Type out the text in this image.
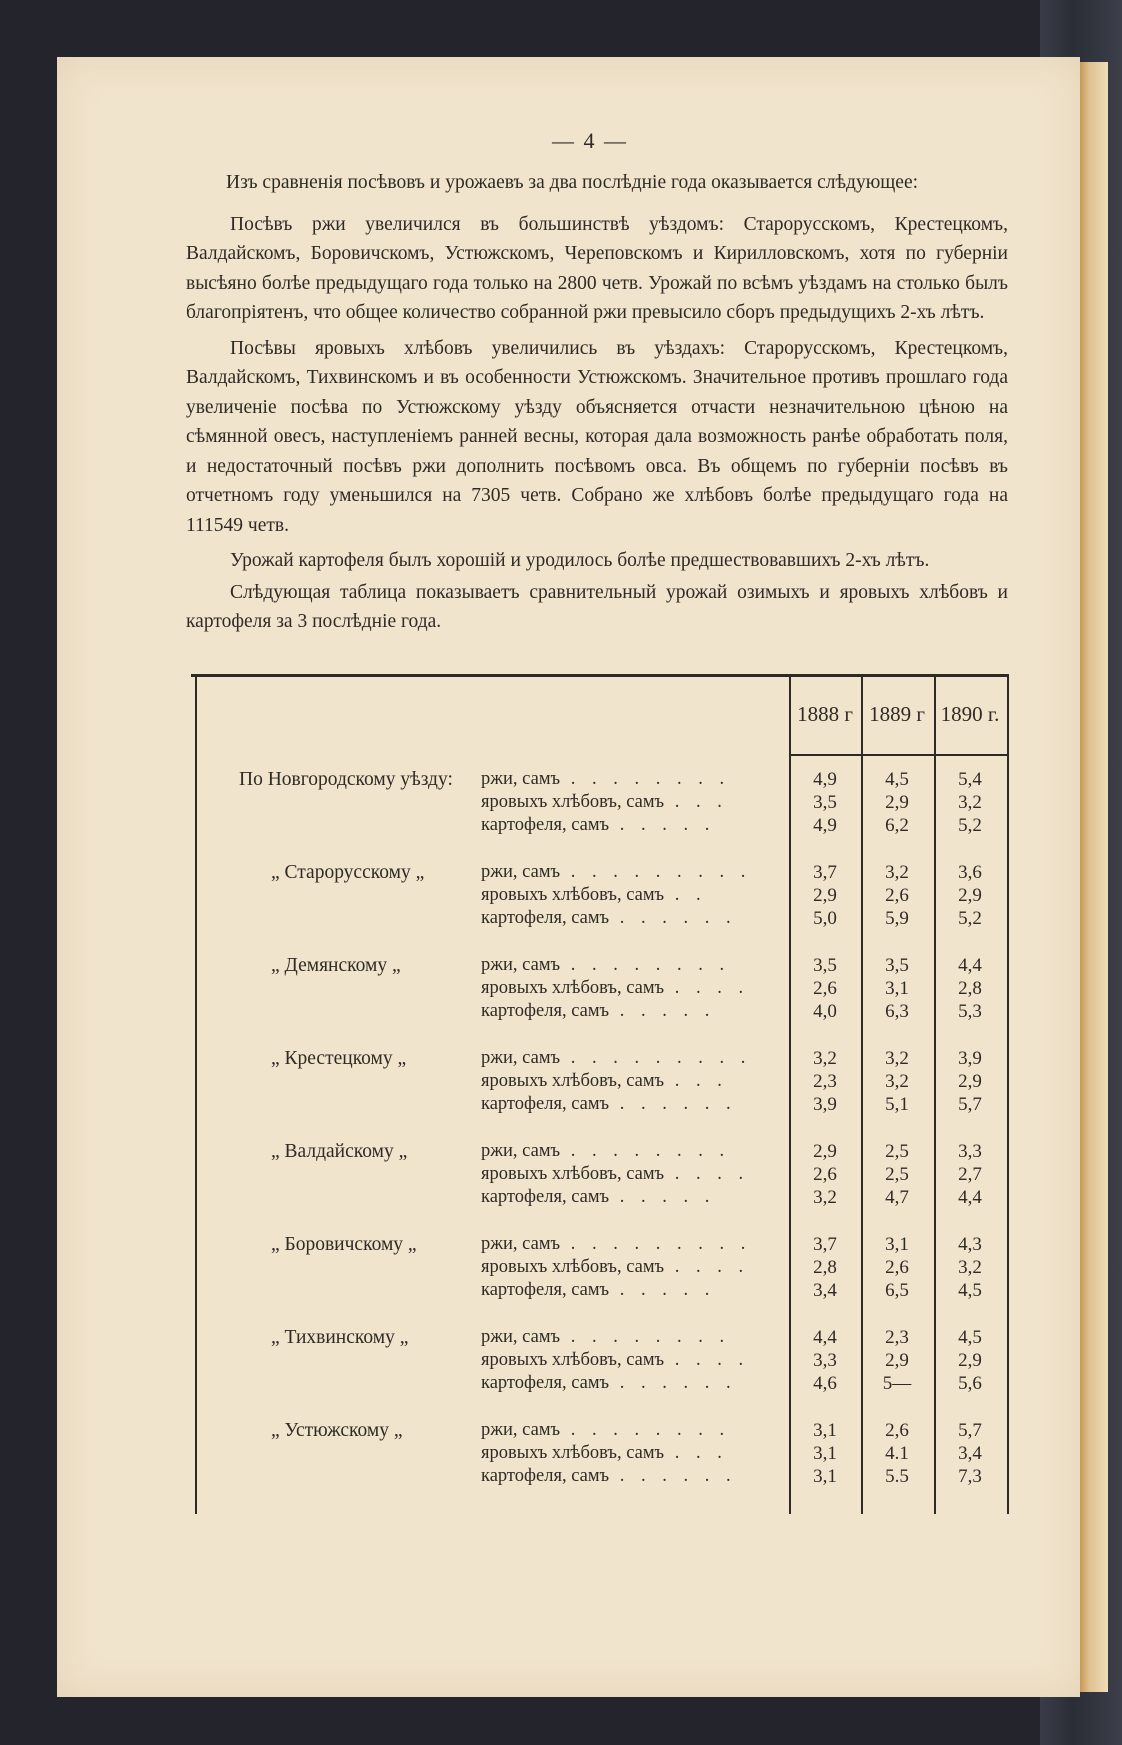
— 4 —

Изъ сравненія посѣвовъ и урожаевъ за два послѣдніе года оказывается слѣдующее:

Посѣвъ ржи увеличился въ большинствѣ уѣздомъ: Старорусскомъ, Крестецкомъ, Валдайскомъ, Боровичскомъ, Устюжскомъ, Череповскомъ и Кирилловскомъ, хотя по губерніи высѣяно болѣе предыдущаго года только на 2800 четв. Урожай по всѣмъ уѣздамъ на столько былъ благопріятенъ, что общее количество собранной ржи превысило сборъ предыдущихъ 2-хъ лѣтъ.

Посѣвы яровыхъ хлѣбовъ увеличились въ уѣздахъ: Старорусскомъ, Крестецкомъ, Валдайскомъ, Тихвинскомъ и въ особенности Устюжскомъ. Значительное противъ прошлаго года увеличеніе посѣва по Устюжскому уѣзду объясняется отчасти незначительною цѣною на сѣмянной овесъ, наступленіемъ ранней весны, которая дала возможность ранѣе обработать поля, и недостаточный посѣвъ ржи дополнить посѣвомъ овса. Въ общемъ по губерніи посѣвъ въ отчетномъ году уменьшился на 7305 четв. Собрано же хлѣбовъ болѣе предыдущаго года на 111549 четв.

Урожай картофеля былъ хорошій и уродилось болѣе предшествовавшихъ 2-хъ лѣтъ.

Слѣдующая таблица показываетъ сравнительный урожай озимыхъ и яровыхъ хлѣбовъ и картофеля за 3 послѣдніе года.

1888 г 1889 г 1890 г.
По Новгородскому уѣзду:	ржи, самъ . . . . . . . .	4,9	4,5	5,4
яровыхъ хлѣбовъ, самъ . . .	3,5	2,9	3,2
картофеля, самъ . . . . .	4,9	6,2	5,2
„ Старорусскому „	ржи, самъ . . . . . . . . .	3,7	3,2	3,6
яровыхъ хлѣбовъ, самъ . .	2,9	2,6	2,9
картофеля, самъ . . . . . .	5,0	5,9	5,2
„ Демянскому „	ржи, самъ . . . . . . . .	3,5	3,5	4,4
яровыхъ хлѣбовъ, самъ . . . .	2,6	3,1	2,8
картофеля, самъ . . . . .	4,0	6,3	5,3
„ Крестецкому „	ржи, самъ . . . . . . . . .	3,2	3,2	3,9
яровыхъ хлѣбовъ, самъ . . .	2,3	3,2	2,9
картофеля, самъ . . . . . .	3,9	5,1	5,7
„ Валдайскому „	ржи, самъ . . . . . . . .	2,9	2,5	3,3
яровыхъ хлѣбовъ, самъ . . . .	2,6	2,5	2,7
картофеля, самъ . . . . .	3,2	4,7	4,4
„ Боровичскому „	ржи, самъ . . . . . . . . .	3,7	3,1	4,3
яровыхъ хлѣбовъ, самъ . . . .	2,8	2,6	3,2
картофеля, самъ . . . . .	3,4	6,5	4,5
„ Тихвинскому „	ржи, самъ . . . . . . . .	4,4	2,3	4,5
яровыхъ хлѣбовъ, самъ . . . .	3,3	2,9	2,9
картофеля, самъ . . . . . .	4,6	5—	5,6
„ Устюжскому „	ржи, самъ . . . . . . . .	3,1	2,6	5,7
яровыхъ хлѣбовъ, самъ . . .	3,1	4.1	3,4
картофеля, самъ . . . . . .	3,1	5.5	7,3
